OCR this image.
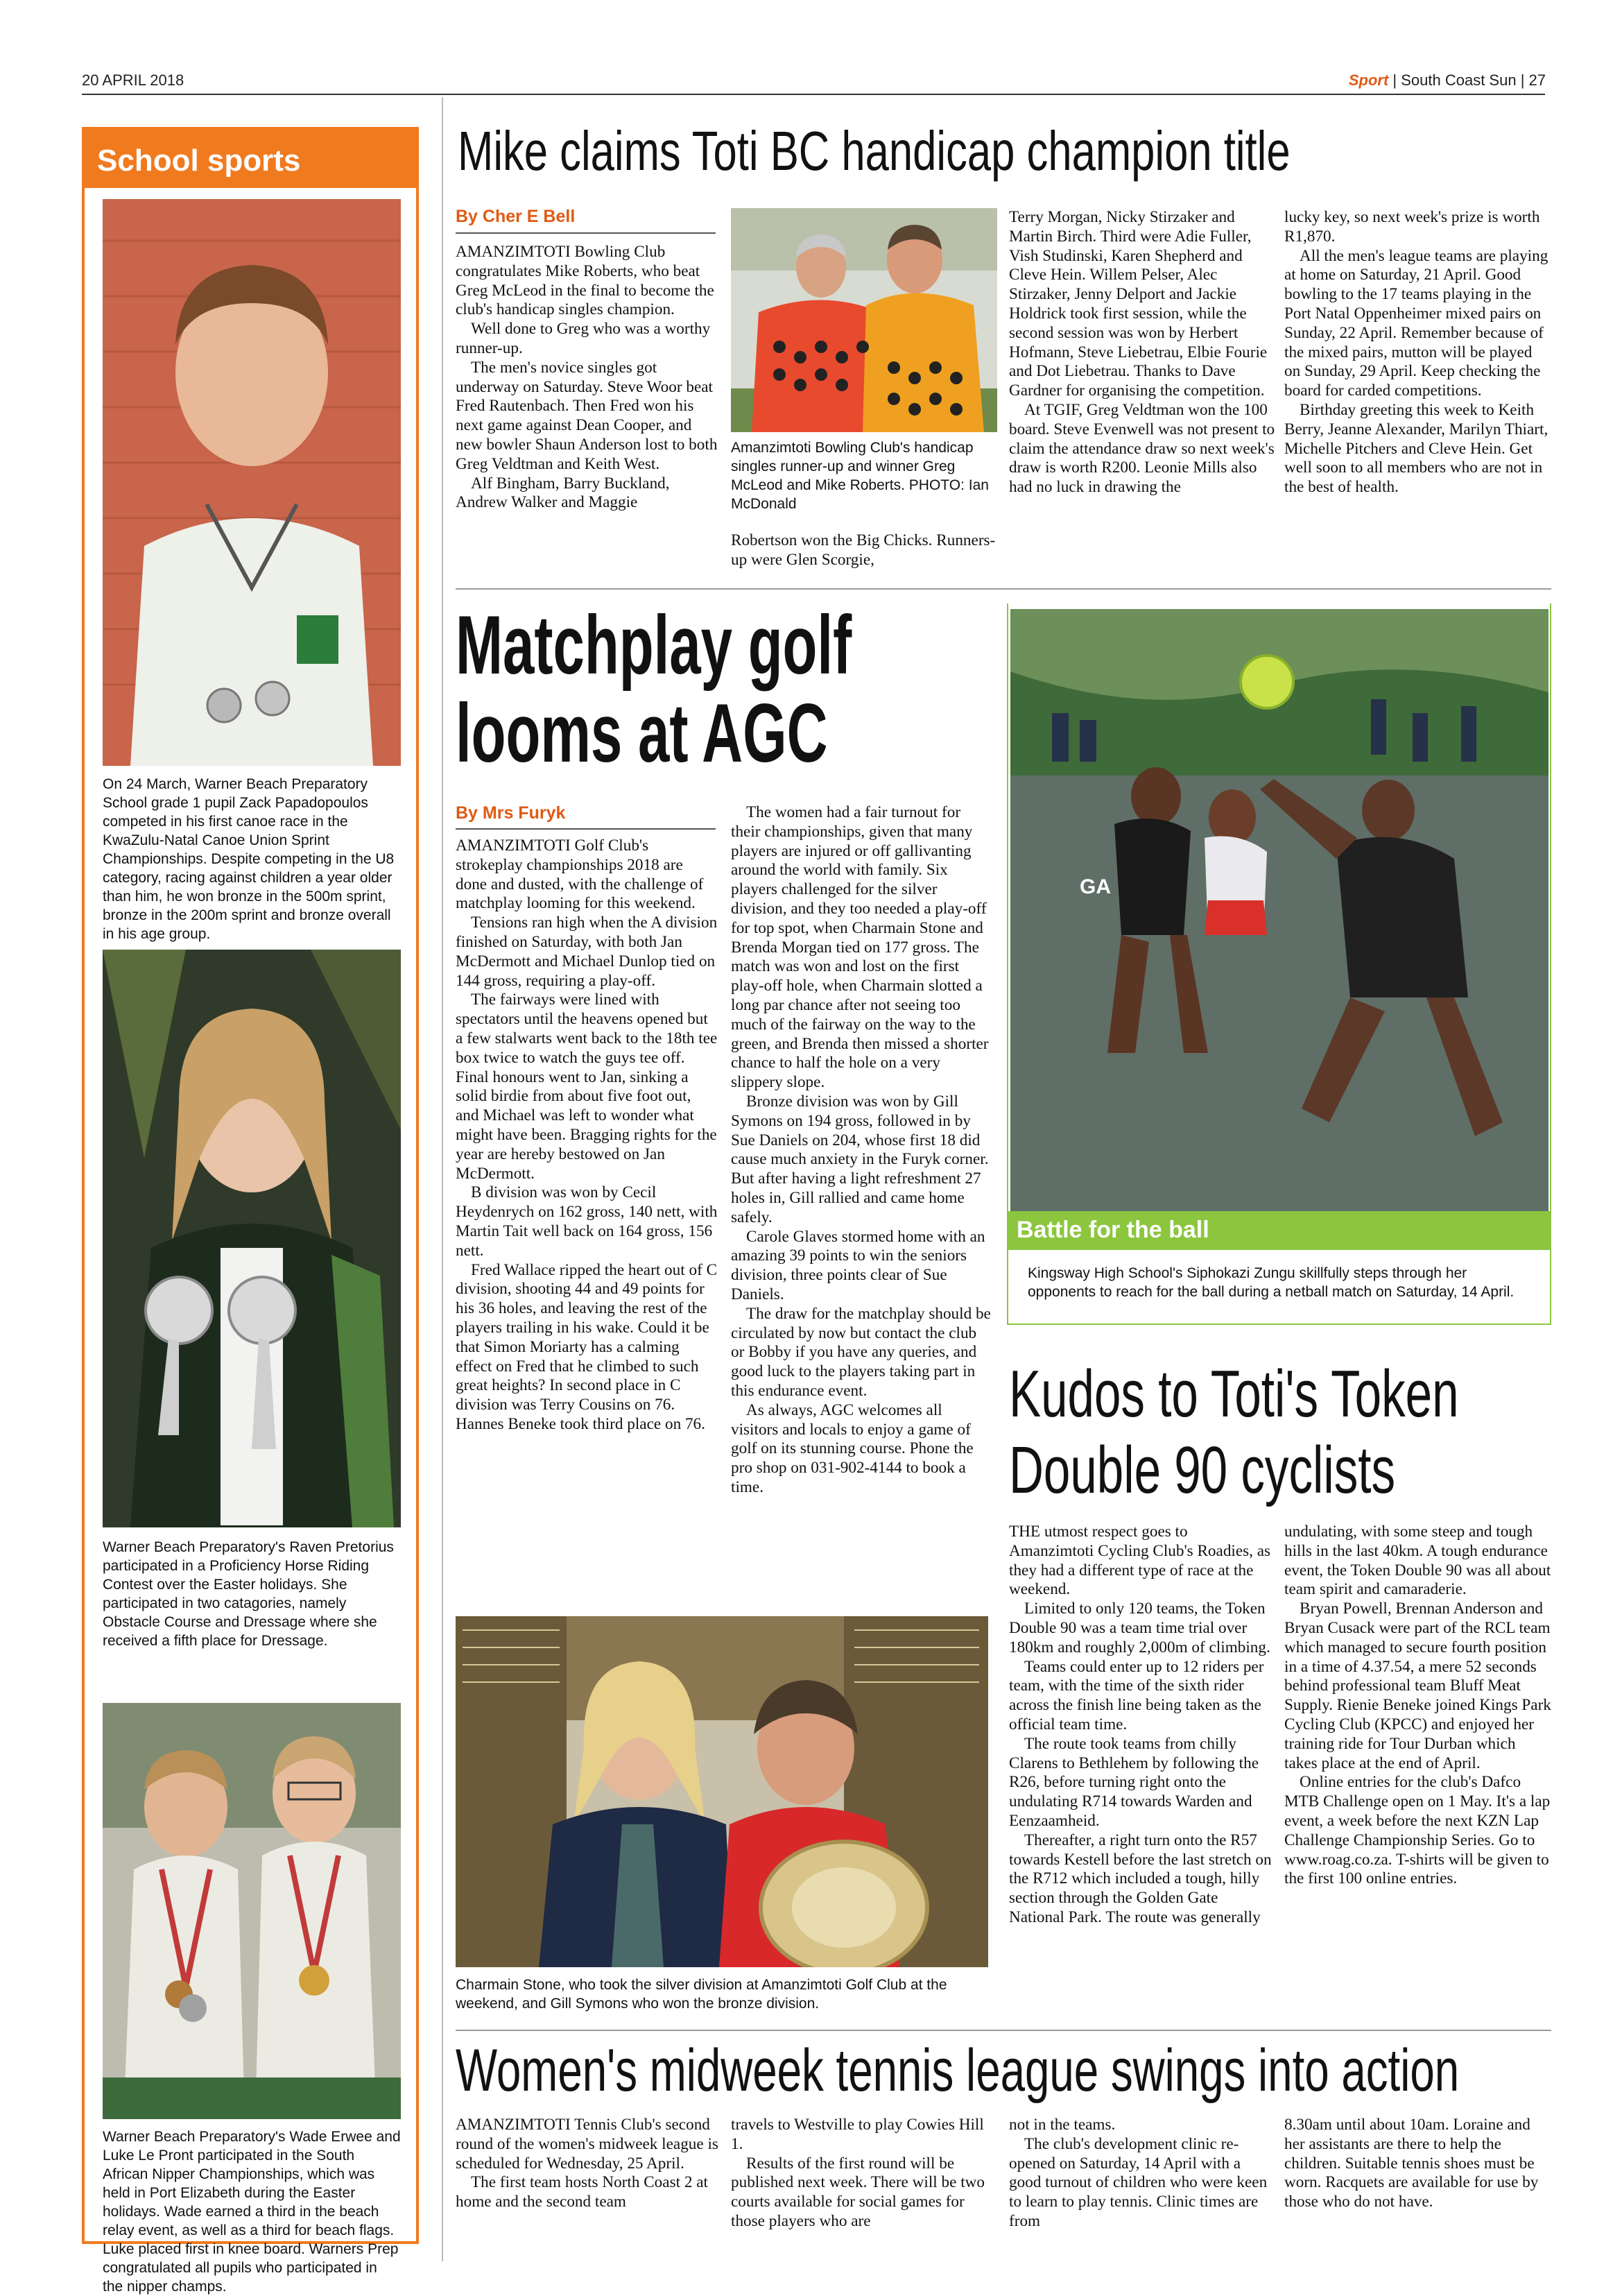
20 APRIL 2018	Sport | South Coast Sun | 27
School sports
On 24 March, Warner Beach Preparatory School grade 1 pupil Zack Papadopoulos competed in his first canoe race in the KwaZulu-Natal Canoe Union Sprint Championships. Despite competing in the U8 category, racing against children a year older than him, he won bronze in the 500m sprint, bronze in the 200m sprint and bronze overall in his age group.
Warner Beach Preparatory's Raven Pretorius participated in a Proficiency Horse Riding Contest over the Easter holidays. She participated in two catagories, namely Obstacle Course and Dressage where she received a fifth place for Dressage.
Warner Beach Preparatory's Wade Erwee and Luke Le Pront participated in the South African Nipper Championships, which was held in Port Elizabeth during the Easter holidays. Wade earned a third in the beach relay event, as well as a third for beach flags. Luke placed first in knee board. Warners Prep congratulated all pupils who participated in the nipper champs.
Mike claims Toti BC handicap champion title
By Cher E Bell

AMANZIMTOTI Bowling Club congratulates Mike Roberts, who beat Greg McLeod in the final to become the club's handicap singles champion.

Well done to Greg who was a worthy runner-up.

The men's novice singles got underway on Saturday. Steve Woor beat Fred Rautenbach. Then Fred won his next game against Dean Cooper, and new bowler Shaun Anderson lost to both Greg Veldtman and Keith West.

Alf Bingham, Barry Buckland, Andrew Walker and Maggie

Amanzimtoti Bowling Club's handicap singles runner-up and winner Greg McLeod and Mike Roberts. PHOTO: Ian McDonald

Robertson won the Big Chicks. Runners-up were Glen Scorgie,

Terry Morgan, Nicky Stirzaker and Martin Birch. Third were Adie Fuller, Vish Studinski, Karen Shepherd and Cleve Hein. Willem Pelser, Alec Stirzaker, Jenny Delport and Jackie Holdrick took first session, while the second session was won by Herbert Hofmann, Steve Liebetrau, Elbie Fourie and Dot Liebetrau. Thanks to Dave Gardner for organising the competition.

At TGIF, Greg Veldtman won the 100 board. Steve Evenwell was not present to claim the attendance draw so next week's draw is worth R200. Leonie Mills also had no luck in drawing the

lucky key, so next week's prize is worth R1,870.

All the men's league teams are playing at home on Saturday, 21 April. Good bowling to the 17 teams playing in the Port Natal Oppenheimer mixed pairs on Sunday, 22 April. Remember because of the mixed pairs, mutton will be played on Sunday, 29 April. Keep checking the board for carded competitions.

Birthday greeting this week to Keith Berry, Jeanne Alexander, Marilyn Thiart, Michelle Pitchers and Cleve Hein. Get well soon to all members who are not in the best of health.

Matchplay golf
looms at AGC
By Mrs Furyk

AMANZIMTOTI Golf Club's strokeplay championships 2018 are done and dusted, with the challenge of matchplay looming for this weekend.

Tensions ran high when the A division finished on Saturday, with both Jan McDermott and Michael Dunlop tied on 144 gross, requiring a play-off.

The fairways were lined with spectators until the heavens opened but a few stalwarts went back to the 18th tee box twice to watch the guys tee off. Final honours went to Jan, sinking a solid birdie from about five foot out, and Michael was left to wonder what might have been. Bragging rights for the year are hereby bestowed on Jan McDermott.

B division was won by Cecil Heydenrych on 162 gross, 140 nett, with Martin Tait well back on 164 gross, 156 nett.

Fred Wallace ripped the heart out of C division, shooting 44 and 49 points for his 36 holes, and leaving the rest of the players trailing in his wake. Could it be that Simon Moriarty has a calming effect on Fred that he climbed to such great heights? In second place in C division was Terry Cousins on 76. Hannes Beneke took third place on 76.

The women had a fair turnout for their championships, given that many players are injured or off gallivanting around the world with family. Six players challenged for the silver division, and they too needed a play-off for top spot, when Charmain Stone and Brenda Morgan tied on 177 gross. The match was won and lost on the first play-off hole, when Charmain slotted a long par chance after not seeing too much of the fairway on the way to the green, and Brenda then missed a shorter chance to half the hole on a very slippery slope.

Bronze division was won by Gill Symons on 194 gross, followed in by Sue Daniels on 204, whose first 18 did cause much anxiety in the Furyk corner. But after having a light refreshment 27 holes in, Gill rallied and came home safely.

Carole Glaves stormed home with an amazing 39 points to win the seniors division, three points clear of Sue Daniels.

The draw for the matchplay should be circulated by now but contact the club or Bobby if you have any queries, and good luck to the players taking part in this endurance event.

As always, AGC welcomes all visitors and locals to enjoy a game of golf on its stunning course. Phone the pro shop on 031-902-4144 to book a time.

Charmain Stone, who took the silver division at Amanzimtoti Golf Club at the weekend, and Gill Symons who won the bronze division.
GA
Battle for the ball
Kingsway High School's Siphokazi Zungu skillfully steps through her opponents to reach for the ball during a netball match on Saturday, 14 April.
Kudos to Toti's Token
Double 90 cyclists

THE utmost respect goes to Amanzimtoti Cycling Club's Roadies, as they had a different type of race at the weekend.

Limited to only 120 teams, the Token Double 90 was a team time trial over 180km and roughly 2,000m of climbing.

Teams could enter up to 12 riders per team, with the time of the sixth rider across the finish line being taken as the official team time.

The route took teams from chilly Clarens to Bethlehem by following the R26, before turning right onto the undulating R714 towards Warden and Eenzaamheid.

Thereafter, a right turn onto the R57 towards Kestell before the last stretch on the R712 which included a tough, hilly section through the Golden Gate National Park. The route was generally

undulating, with some steep and tough hills in the last 40km. A tough endurance event, the Token Double 90 was all about team spirit and camaraderie.

Bryan Powell, Brennan Anderson and Bryan Cusack were part of the RCL team which managed to secure fourth position in a time of 4.37.54, a mere 52 seconds behind professional team Bluff Meat Supply. Rienie Beneke joined Kings Park Cycling Club (KPCC) and enjoyed her training ride for Tour Durban which takes place at the end of April.

Online entries for the club's Dafco MTB Challenge open on 1 May. It's a lap event, a week before the next KZN Lap Challenge Championship Series. Go to www.roag.co.za. T-shirts will be given to the first 100 online entries.

Women's midweek tennis league swings into action

AMANZIMTOTI Tennis Club's second round of the women's midweek league is scheduled for Wednesday, 25 April.

The first team hosts North Coast 2 at home and the second team

travels to Westville to play Cowies Hill 1.

Results of the first round will be published next week. There will be two courts available for social games for those players who are

not in the teams.

The club's development clinic re-opened on Saturday, 14 April with a good turnout of children who were keen to learn to play tennis. Clinic times are from

8.30am until about 10am. Loraine and her assistants are there to help the children. Suitable tennis shoes must be worn. Racquets are available for use by those who do not have.
